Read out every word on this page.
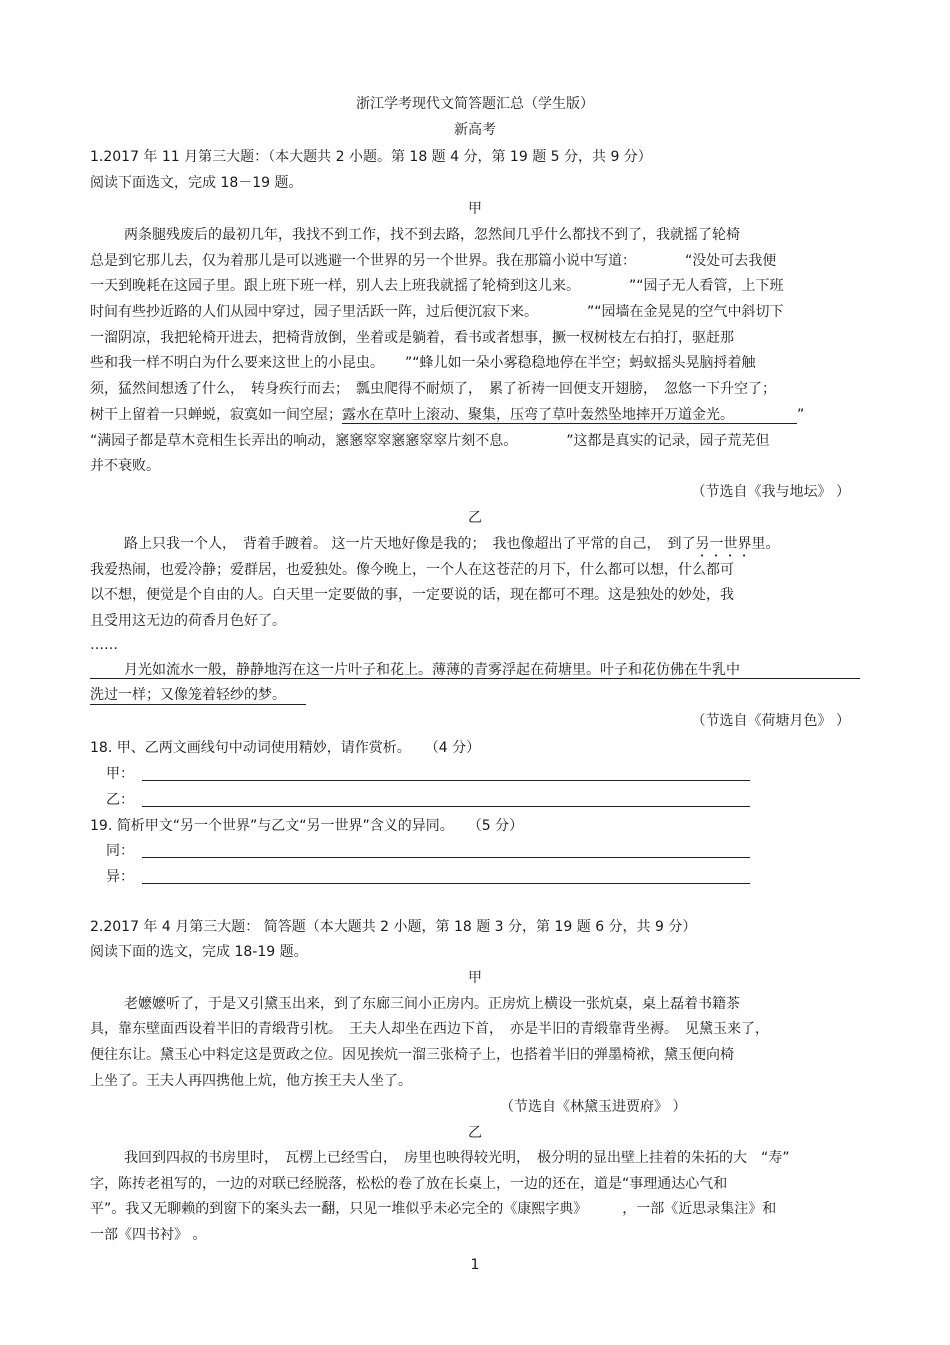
浙江学考现代文简答题汇总（学生版）
新高考
1.2017 年 11 月第三大题：（本大题共 2 小题。第 18 题 4 分，第 19 题 5 分，共 9 分）
阅读下面选文，完成 18－19 题。
甲
两条腿残废后的最初几年，我找不到工作，找不到去路，忽然间几乎什么都找不到了，我就摇了轮椅
总是到它那儿去，仅为着那儿是可以逃避一个世界的另一个世界。我在那篇小说中写道：　　　　“没处可去我便
一天到晚耗在这园子里。跟上班下班一样，别人去上班我就摇了轮椅到这儿来。　　　　”“园子无人看管，上下班
时间有些抄近路的人们从园中穿过，园子里活跃一阵，过后便沉寂下来。　　　　”“园墙在金晃晃的空气中斜切下
一溜阴凉，我把轮椅开进去，把椅背放倒，坐着或是躺着，看书或者想事，撅一杈树枝左右拍打，驱赶那
些和我一样不明白为什么要来这世上的小昆虫。　　”“蜂儿如一朵小雾稳稳地停在半空；蚂蚁摇头晃脑捋着触
须，猛然间想透了什么，　转身疾行而去；　瓢虫爬得不耐烦了，　累了祈祷一回便支开翅膀，　忽悠一下升空了；
树干上留着一只蝉蜕，寂寞如一间空屋；露水在草叶上滚动、聚集，压弯了草叶轰然坠地摔开万道金光。	”
“满园子都是草木竞相生长弄出的响动，窸窸窣窣窸窸窣窣片刻不息。　　　　”这都是真实的记录，园子荒芜但
并不衰败。
（节选自《我与地坛》 ）
乙
路上只我一个人，　背着手踱着。 这一片天地好像是我的；　我也像超出了平常的自己，　到了另一世界里。
我爱热闹，也爱冷静；爱群居，也爱独处。像今晚上，一个人在这苍茫的月下，什么都可以想，什么都可
以不想，便觉是个自由的人。白天里一定要做的事，一定要说的话，现在都可不理。这是独处的妙处，我
且受用这无边的荷香月色好了。
……
月光如流水一般，静静地泻在这一片叶子和花上。薄薄的青雾浮起在荷塘里。叶子和花仿佛在牛乳中
洗过一样；又像笼着轻纱的梦。
（节选自《荷塘月色》 ）
18. 甲、乙两文画线句中动词使用精妙，请作赏析。　　（4 分）
甲：
乙：
19. 简析甲文“另一个世界”与乙文“另一世界”含义的异同。　　（5 分）
同：
异：
2.2017 年 4 月第三大题： 简答题（本大题共 2 小题，第 18 题 3 分，第 19 题 6 分，共 9 分）
阅读下面的选文，完成 18-19 题。
甲
老嬷嬷听了，于是又引黛玉出来，到了东廊三间小正房内。正房炕上横设一张炕桌，桌上磊着书籍茶
具，靠东壁面西设着半旧的青缎背引枕。　王夫人却坐在西边下首，　亦是半旧的青缎靠背坐褥。　见黛玉来了，
便往东让。黛玉心中料定这是贾政之位。因见挨炕一溜三张椅子上，也搭着半旧的弹墨椅袱，黛玉便向椅
上坐了。王夫人再四携他上炕，他方挨王夫人坐了。
（节选自《林黛玉进贾府》 ）
乙
我回到四叔的书房里时，　瓦楞上已经雪白，　房里也映得较光明，　极分明的显出壁上挂着的朱拓的大　“寿”
字，陈抟老祖写的，一边的对联已经脱落，松松的卷了放在长桌上，一边的还在，道是“事理通达心气和
平”。我又无聊赖的到窗下的案头去一翻，只见一堆似乎未必完全的《康熙字典》　　　，一部《近思录集注》和
一部《四书衬》 。
1
